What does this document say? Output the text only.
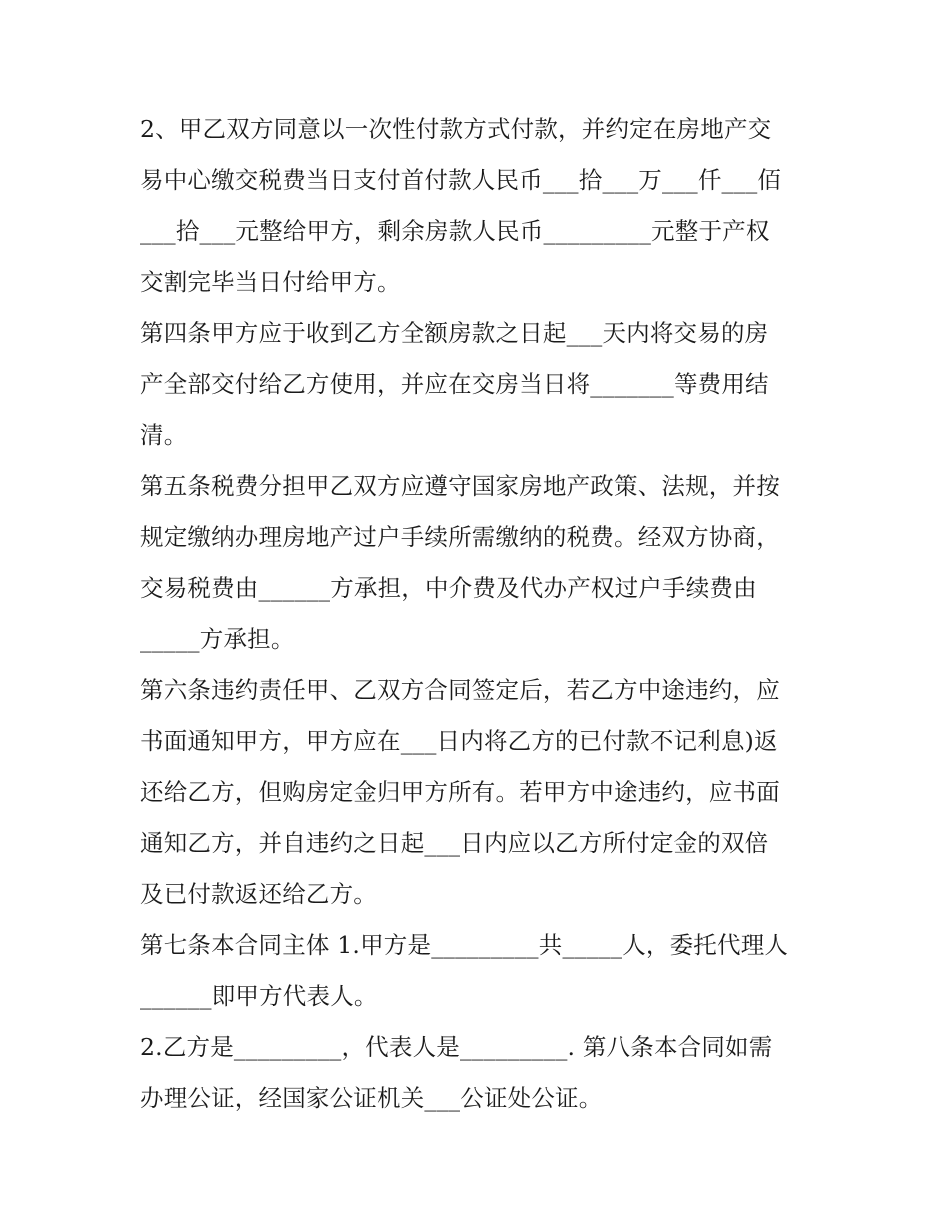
2、甲乙双方同意以一次性付款方式付款，并约定在房地产交
易中心缴交税费当日支付首付款人民币___拾___万___仟___佰
___拾___元整给甲方，剩余房款人民币_________元整于产权
交割完毕当日付给甲方。
第四条甲方应于收到乙方全额房款之日起___天内将交易的房
产全部交付给乙方使用，并应在交房当日将_______等费用结
清。
第五条税费分担甲乙双方应遵守国家房地产政策、法规，并按
规定缴纳办理房地产过户手续所需缴纳的税费。经双方协商，
交易税费由______方承担，中介费及代办产权过户手续费由
_____方承担。
第六条违约责任甲、乙双方合同签定后，若乙方中途违约，应
书面通知甲方，甲方应在___日内将乙方的已付款不记利息)返
还给乙方，但购房定金归甲方所有。若甲方中途违约，应书面
通知乙方，并自违约之日起___日内应以乙方所付定金的双倍
及已付款返还给乙方。
第七条本合同主体 1.甲方是_________共_____人，委托代理人
______即甲方代表人。
2.乙方是_________，代表人是_________. 第八条本合同如需
办理公证，经国家公证机关___公证处公证。
